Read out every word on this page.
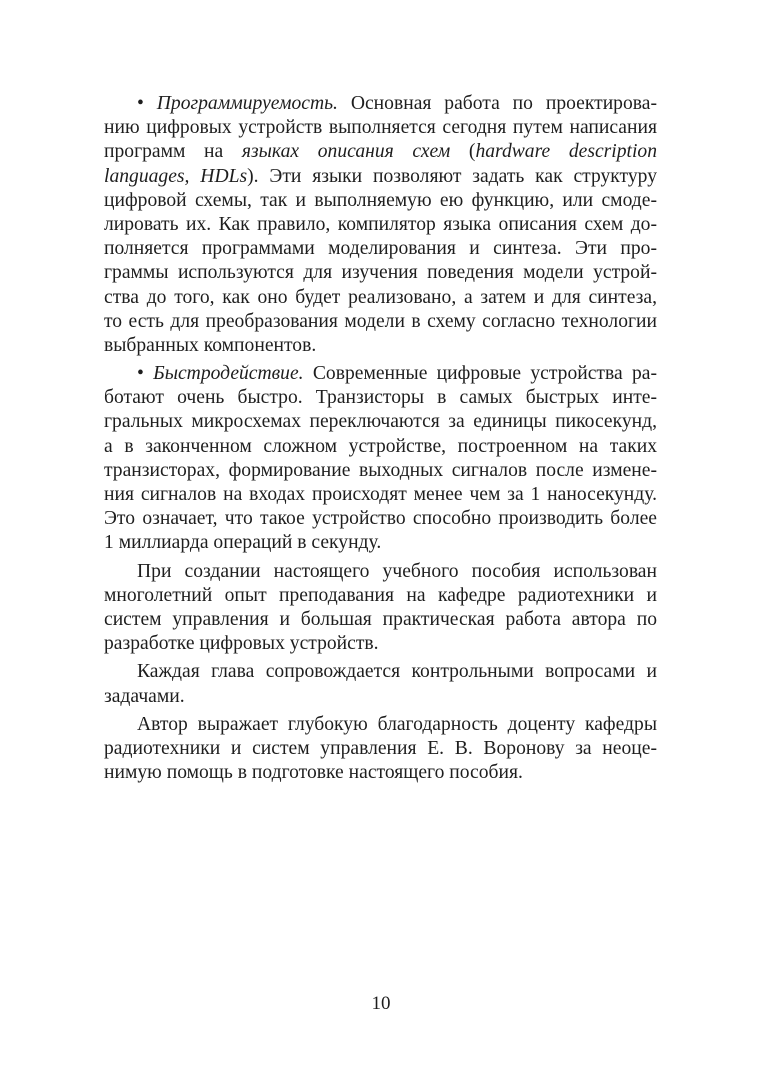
• Программируемость. Основная работа по проектирова-
нию цифровых устройств выполняется сегодня путем написания
программ на языках описания схем (hardware description
languages, HDLs). Эти языки позволяют задать как структуру
цифровой схемы, так и выполняемую ею функцию, или смоде-
лировать их. Как правило, компилятор языка описания схем до-
полняется программами моделирования и синтеза. Эти про-
граммы используются для изучения поведения модели устрой-
ства до того, как оно будет реализовано, а затем и для синтеза,
то есть для преобразования модели в схему согласно технологии
выбранных компонентов.
• Быстродействие. Современные цифровые устройства ра-
ботают очень быстро. Транзисторы в самых быстрых инте-
гральных микросхемах переключаются за единицы пикосекунд,
а в законченном сложном устройстве, построенном на таких
транзисторах, формирование выходных сигналов после измене-
ния сигналов на входах происходят менее чем за 1 наносекунду.
Это означает, что такое устройство способно производить более
1 миллиарда операций в секунду.
При создании настоящего учебного пособия использован
многолетний опыт преподавания на кафедре радиотехники и
систем управления и большая практическая работа автора по
разработке цифровых устройств.
Каждая глава сопровождается контрольными вопросами и
задачами.
Автор выражает глубокую благодарность доценту кафедры
радиотехники и систем управления Е. В. Воронову за неоце-
нимую помощь в подготовке настоящего пособия.
10
